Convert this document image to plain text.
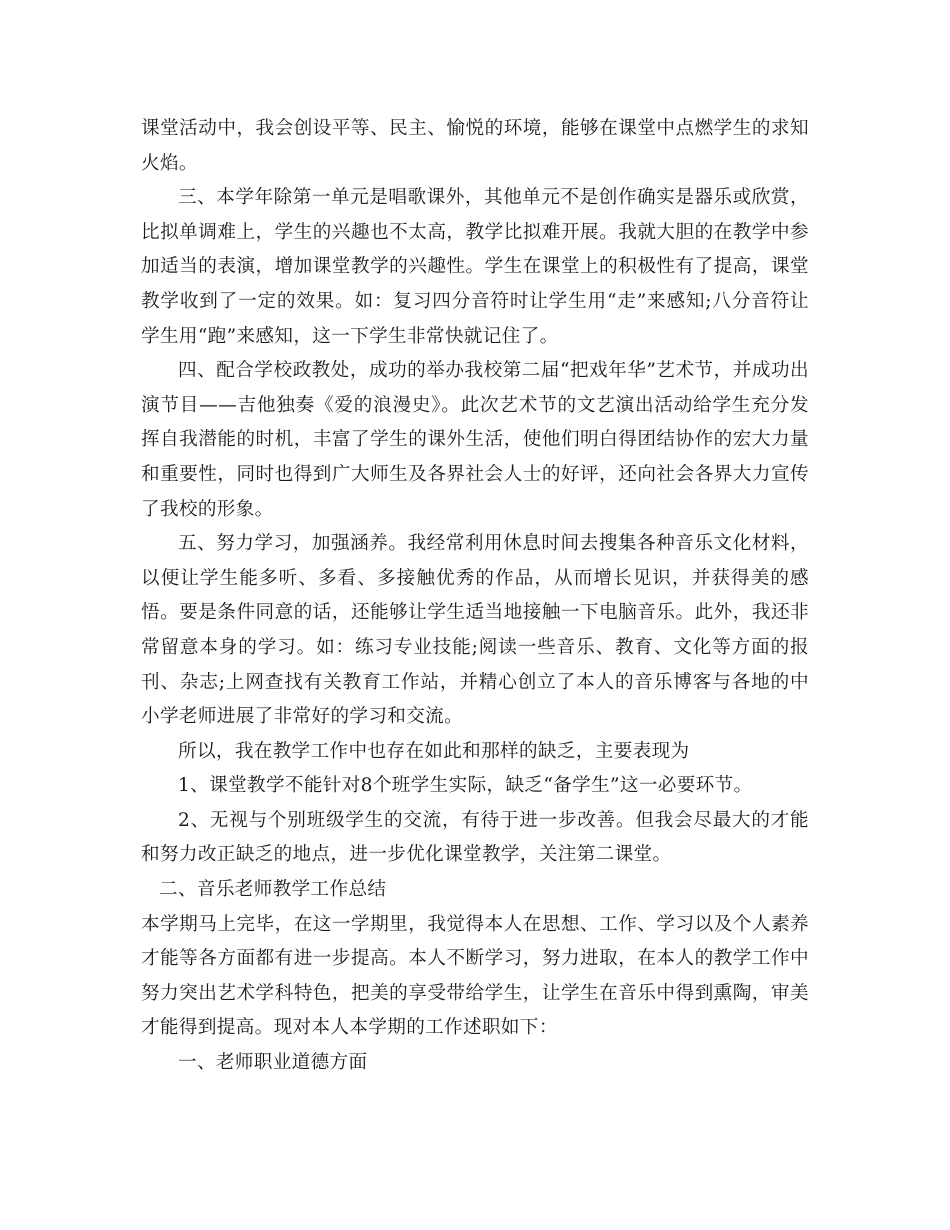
课堂活动中，我会创设平等、民主、愉悦的环境，能够在课堂中点燃学生的求知火焰。

三、本学年除第一单元是唱歌课外，其他单元不是创作确实是器乐或欣赏，比拟单调难上，学生的兴趣也不太高，教学比拟难开展。我就大胆的在教学中参加适当的表演，增加课堂教学的兴趣性。学生在课堂上的积极性有了提高，课堂教学收到了一定的效果。如：复习四分音符时让学生用“走”来感知;八分音符让学生用“跑”来感知，这一下学生非常快就记住了。

四、配合学校政教处，成功的举办我校第二届“把戏年华”艺术节，并成功出演节目——吉他独奏《爱的浪漫史》。此次艺术节的文艺演出活动给学生充分发挥自我潜能的时机，丰富了学生的课外生活，使他们明白得团结协作的宏大力量和重要性，同时也得到广大师生及各界社会人士的好评，还向社会各界大力宣传了我校的形象。

五、努力学习，加强涵养。我经常利用休息时间去搜集各种音乐文化材料，以便让学生能多听、多看、多接触优秀的作品，从而增长见识，并获得美的感悟。要是条件同意的话，还能够让学生适当地接触一下电脑音乐。此外，我还非常留意本身的学习。如：练习专业技能;阅读一些音乐、教育、文化等方面的报刊、杂志;上网查找有关教育工作站，并精心创立了本人的音乐博客与各地的中小学老师进展了非常好的学习和交流。

所以，我在教学工作中也存在如此和那样的缺乏，主要表现为

1、课堂教学不能针对8个班学生实际，缺乏“备学生”这一必要环节。

2、无视与个别班级学生的交流，有待于进一步改善。但我会尽最大的才能和努力改正缺乏的地点，进一步优化课堂教学，关注第二课堂。

二、音乐老师教学工作总结

本学期马上完毕，在这一学期里，我觉得本人在思想、工作、学习以及个人素养才能等各方面都有进一步提高。本人不断学习，努力进取，在本人的教学工作中努力突出艺术学科特色，把美的享受带给学生，让学生在音乐中得到熏陶，审美才能得到提高。现对本人本学期的工作述职如下：

一、老师职业道德方面
